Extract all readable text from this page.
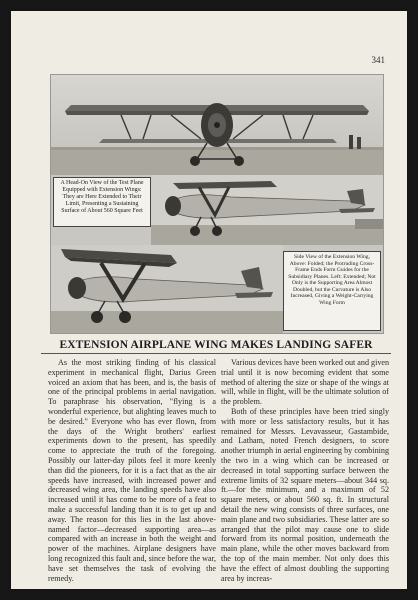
341
A Head-On View of the Test Plane Equipped with Extension Wings: They are Here Extended to Their Limit, Presenting a Sustaining Surface of About 560 Square Feet
Side View of the Extension Wing, Above: Folded; the Protruding Cross-Frame Ends Form Guides for the Subsidiary Planes. Left: Extended; Not Only is the Supporting Area Almost Doubled, but the Curvature is Also Increased, Giving a Weight-Carrying Wing Form
EXTENSION AIRPLANE WING MAKES LANDING SAFER

As the most striking finding of his classical experiment in mechanical flight, Darius Green voiced an axiom that has been, and is, the basis of one of the principal problems in aerial navigation. To paraphrase his observation, "flying is a wonderful experience, but alighting leaves much to be desired." Everyone who has ever flown, from the days of the Wright brothers' earliest experiments down to the present, has speedily come to appreciate the truth of the foregoing. Possibly our latter-day pilots feel it more keenly than did the pioneers, for it is a fact that as the air speeds have increased, with increased power and decreased wing area, the landing speeds have also increased until it has come to be more of a feat to make a successful landing than it is to get up and away. The reason for this lies in the last above-named factor—decreased supporting area—as compared with an increase in both the weight and power of the machines. Airplane designers have long recognized this fault and, since before the war, have set themselves the task of evolving the remedy.

Various devices have been worked out and given trial until it is now becoming evident that some method of altering the size or shape of the wings at will, while in flight, will be the ultimate solution of the problem.

Both of these principles have been tried singly with more or less satisfactory results, but it has remained for Messrs. Levavasseur, Gastambide, and Latham, noted French designers, to score another triumph in aerial engineering by combining the two in a wing which can be increased or decreased in total supporting surface between the extreme limits of 32 square meters—about 344 sq. ft.—for the minimum, and a maximum of 52 square meters, or about 560 sq. ft. In structural detail the new wing consists of three surfaces, one main plane and two subsidiaries. These latter are so arranged that the pilot may cause one to slide forward from its normal position, underneath the main plane, while the other moves backward from the top of the main member. Not only does this have the effect of almost doubling the supporting area by increas-
